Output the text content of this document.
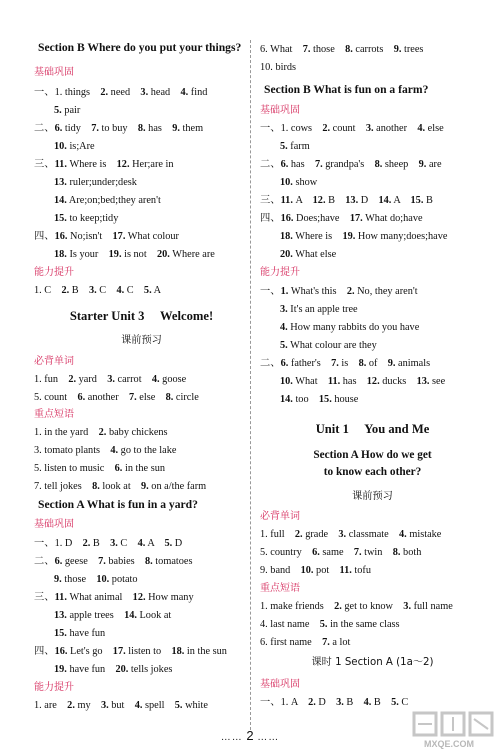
Section B Where do you put your things?
基础巩固
一、1. things　2. need　3. head　4. find
5. pair
二、6. tidy　7. to buy　8. has　9. them
10. is;Are
三、11. Where is　12. Her;are in
13. ruler;under;desk
14. Are;on;bed;they aren't
15. to keep;tidy
四、16. No;isn't　17. What colour
18. Is your　19. is not　20. Where are
能力提升
1. C　2. B　3. C　4. C　5. A
Starter Unit 3　 Welcome!
课前预习
必背单词
1. fun　2. yard　3. carrot　4. goose
5. count　6. another　7. else　8. circle
重点短语
1. in the yard　2. baby chickens
3. tomato plants　4. go to the lake
5. listen to music　6. in the sun
7. tell jokes　8. look at　9. on a/the farm
Section A What is fun in a yard?
基础巩固
一、1. D　2. B　3. C　4. A　5. D
二、6. geese　7. babies　8. tomatoes
9. those　10. potato
三、11. What animal　12. How many
13. apple trees　14. Look at
15. have fun
四、16. Let's go　17. listen to　18. in the sun
19. have fun　20. tells jokes
能力提升
1. are　2. my　3. but　4. spell　5. white
6. What　7. those　8. carrots　9. trees
10. birds
Section B What is fun on a farm?
基础巩固
一、1. cows　2. count　3. another　4. else
5. farm
二、6. has　7. grandpa's　8. sheep　9. are
10. show
三、11. A　12. B　13. D　14. A　15. B
四、16. Does;have　17. What do;have
18. Where is　19. How many;does;have
20. What else
能力提升
一、1. What's this　2. No, they aren't
3. It's an apple tree
4. How many rabbits do you have
5. What colour are they
二、6. father's　7. is　8. of　9. animals
10. What　11. has　12. ducks　13. see
14. too　15. house
Unit 1　 You and Me
Section A How do we get
to know each other?
课前预习
必背单词
1. full　2. grade　3. classmate　4. mistake
5. country　6. same　7. twin　8. both
9. band　10. pot　11. tofu
重点短语
1. make friends　2. get to know　3. full name
4. last name　5. in the same class
6. first name　7. a lot
课时 1 Section A (1a～2)
基础巩固
一、1. A　2. D　3. B　4. B　5. C
…… 2 ……
MXQE.COM
